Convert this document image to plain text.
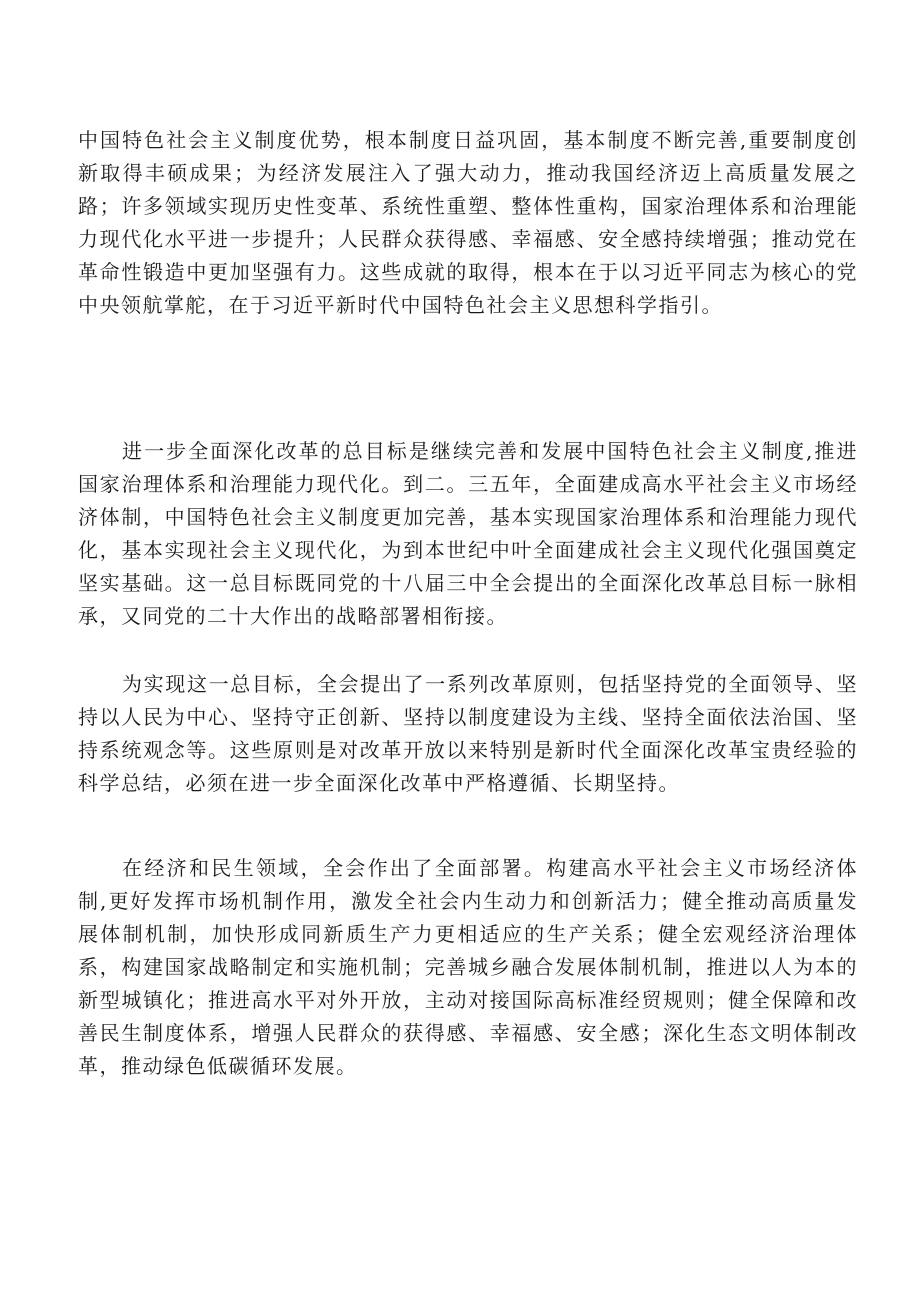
中国特色社会主义制度优势，根本制度日益巩固，基本制度不断完善,重要制度创新取得丰硕成果；为经济发展注入了强大动力，推动我国经济迈上高质量发展之路；许多领域实现历史性变革、系统性重塑、整体性重构，国家治理体系和治理能力现代化水平进一步提升；人民群众获得感、幸福感、安全感持续增强；推动党在革命性锻造中更加坚强有力。这些成就的取得，根本在于以习近平同志为核心的党中央领航掌舵，在于习近平新时代中国特色社会主义思想科学指引。

进一步全面深化改革的总目标是继续完善和发展中国特色社会主义制度,推进国家治理体系和治理能力现代化。到二。三五年，全面建成高水平社会主义市场经济体制，中国特色社会主义制度更加完善，基本实现国家治理体系和治理能力现代化，基本实现社会主义现代化，为到本世纪中叶全面建成社会主义现代化强国奠定坚实基础。这一总目标既同党的十八届三中全会提出的全面深化改革总目标一脉相承，又同党的二十大作出的战略部署相衔接。

为实现这一总目标，全会提出了一系列改革原则，包括坚持党的全面领导、坚持以人民为中心、坚持守正创新、坚持以制度建设为主线、坚持全面依法治国、坚持系统观念等。这些原则是对改革开放以来特别是新时代全面深化改革宝贵经验的科学总结，必须在进一步全面深化改革中严格遵循、长期坚持。

在经济和民生领域，全会作出了全面部署。构建高水平社会主义市场经济体制,更好发挥市场机制作用，激发全社会内生动力和创新活力；健全推动高质量发展体制机制，加快形成同新质生产力更相适应的生产关系；健全宏观经济治理体系，构建国家战略制定和实施机制；完善城乡融合发展体制机制，推进以人为本的新型城镇化；推进高水平对外开放，主动对接国际高标准经贸规则；健全保障和改善民生制度体系，增强人民群众的获得感、幸福感、安全感；深化生态文明体制改革，推动绿色低碳循环发展。
